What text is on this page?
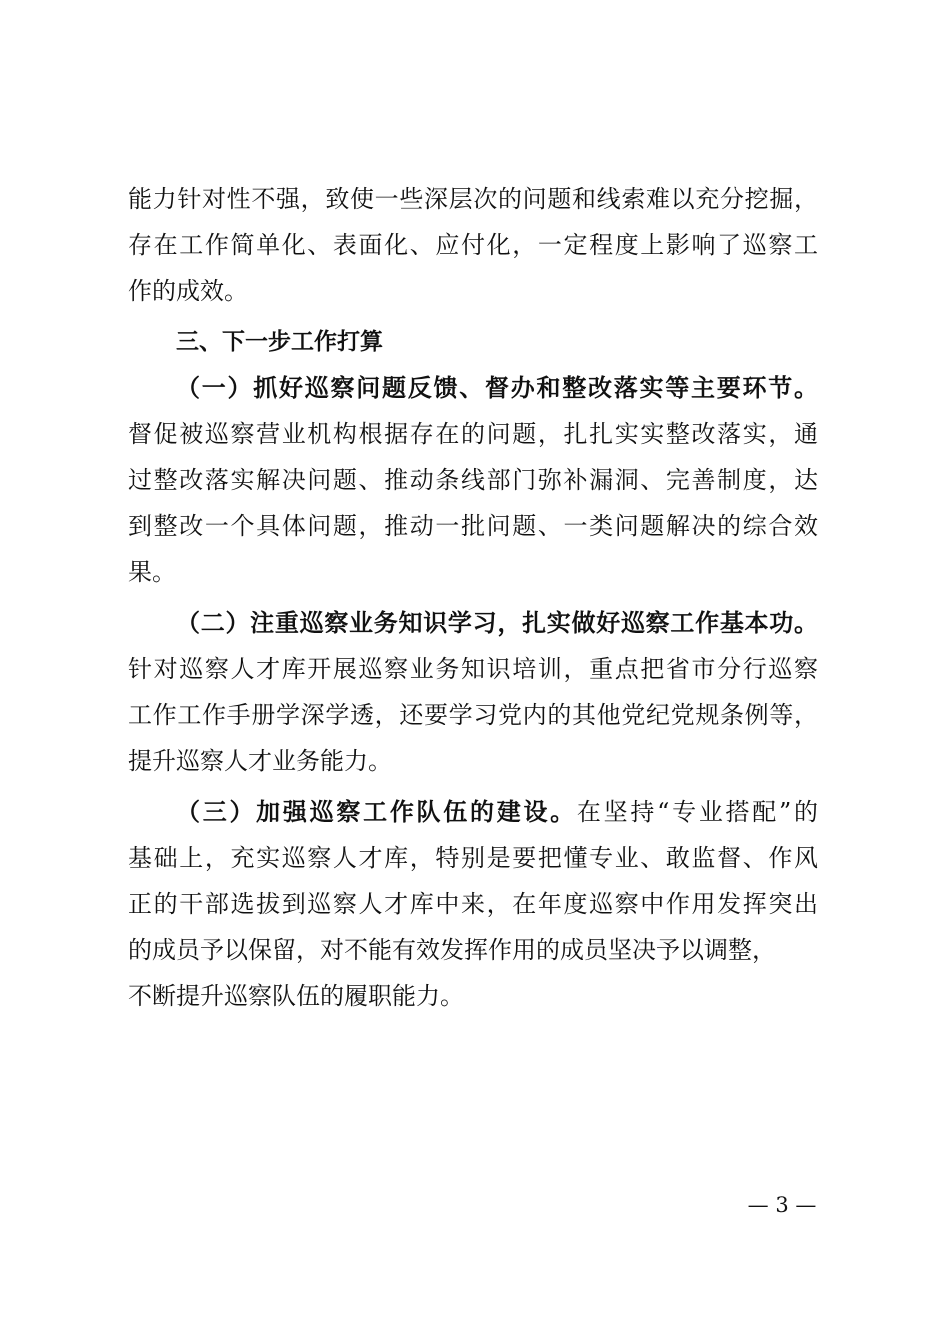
能力针对性不强，致使一些深层次的问题和线索难以充分挖掘，
存在工作简单化、表面化、应付化，一定程度上影响了巡察工
作的成效。
三、下一步工作打算
（一）抓好巡察问题反馈、督办和整改落实等主要环节。
督促被巡察营业机构根据存在的问题，扎扎实实整改落实，通
过整改落实解决问题、推动条线部门弥补漏洞、完善制度，达
到整改一个具体问题，推动一批问题、一类问题解决的综合效
果。
（二）注重巡察业务知识学习，扎实做好巡察工作基本功。
针对巡察人才库开展巡察业务知识培训，重点把省市分行巡察
工作工作手册学深学透，还要学习党内的其他党纪党规条例等，
提升巡察人才业务能力。
（三）加强巡察工作队伍的建设。在坚持“专业搭配”的
基础上，充实巡察人才库，特别是要把懂专业、敢监督、作风
正的干部选拔到巡察人才库中来，在年度巡察中作用发挥突出
的成员予以保留，对不能有效发挥作用的成员坚决予以调整，
不断提升巡察队伍的履职能力。
— 3 —
